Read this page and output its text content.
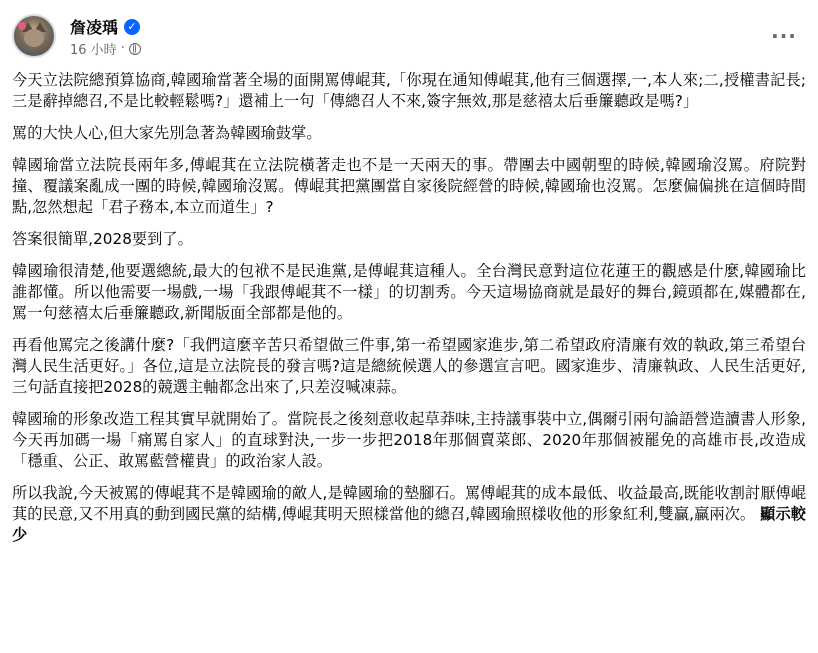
詹凌瑀 ✓
16 小時 ·
···

今天立法院總預算協商,韓國瑜當著全場的面開罵傅崐萁,「你現在通知傅崐萁,他有三個選擇,一,本人來;二,授權書記長;三是辭掉總召,不是比較輕鬆嗎?」還補上一句「傳總召人不來,簽字無效,那是慈禧太后垂簾聽政是嗎?」

罵的大快人心,但大家先別急著為韓國瑜鼓掌。

韓國瑜當立法院長兩年多,傅崐萁在立法院橫著走也不是一天兩天的事。帶團去中國朝聖的時候,韓國瑜沒罵。府院對撞、覆議案亂成一團的時候,韓國瑜沒罵。傅崐萁把黨團當自家後院經營的時候,韓國瑜也沒罵。怎麼偏偏挑在這個時間點,忽然想起「君子務本,本立而道生」?

答案很簡單,2028要到了。

韓國瑜很清楚,他要選總統,最大的包袱不是民進黨,是傅崐萁這種人。全台灣民意對這位花蓮王的觀感是什麼,韓國瑜比誰都懂。所以他需要一場戲,一場「我跟傅崐萁不一樣」的切割秀。今天這場協商就是最好的舞台,鏡頭都在,媒體都在,罵一句慈禧太后垂簾聽政,新聞版面全部都是他的。

再看他罵完之後講什麼?「我們這麼辛苦只希望做三件事,第一希望國家進步,第二希望政府清廉有效的執政,第三希望台灣人民生活更好。」各位,這是立法院長的發言嗎?這是總統候選人的參選宣言吧。國家進步、清廉執政、人民生活更好,三句話直接把2028的競選主軸都念出來了,只差沒喊凍蒜。

韓國瑜的形象改造工程其實早就開始了。當院長之後刻意收起草莽味,主持議事裝中立,偶爾引兩句論語營造讀書人形象,今天再加碼一場「痛罵自家人」的直球對決,一步一步把2018年那個賣菜郎、2020年那個被罷免的高雄市長,改造成「穩重、公正、敢罵藍營權貴」的政治家人設。

所以我說,今天被罵的傳崐萁不是韓國瑜的敵人,是韓國瑜的墊腳石。罵傅崐萁的成本最低、收益最高,既能收割討厭傅崐萁的民意,又不用真的動到國民黨的結構,傅崐萁明天照樣當他的總召,韓國瑜照樣收他的形象紅利,雙贏,贏兩次。 顯示較少
